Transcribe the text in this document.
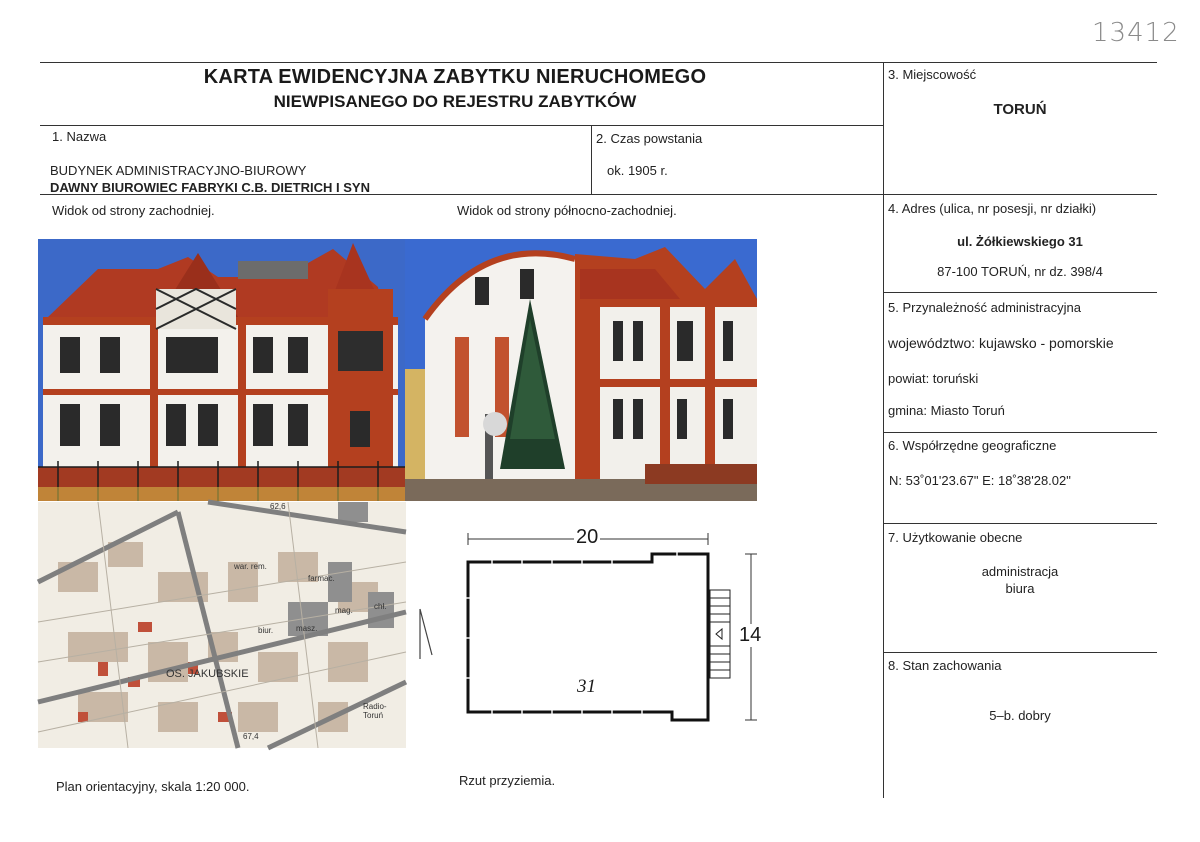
13412
KARTA EWIDENCYJNA ZABYTKU NIERUCHOMEGO
NIEWPISANEGO DO REJESTRU ZABYTKÓW
1. Nazwa
BUDYNEK ADMINISTRACYJNO-BIUROWY
DAWNY BIUROWIEC FABRYKI C.B. DIETRICH I SYN
2. Czas powstania
ok. 1905 r.
3. Miejscowość
TORUŃ
4. Adres (ulica, nr posesji, nr działki)
ul. Żółkiewskiego 31
87-100 TORUŃ, nr dz. 398/4
5. Przynależność administracyjna
województwo: kujawsko - pomorskie
powiat: toruński
gmina: Miasto Toruń
6. Współrzędne geograficzne
N: 53˚01'23.67" E: 18˚38'28.02"
7. Użytkowanie obecne
administracja
biura
8. Stan zachowania
5–b. dobry
Widok od strony zachodniej.	Widok od strony północno-zachodniej.
OS. JAKUBSKIE
mag.
biur.
chł.
masz.
farmac.
war. rem.
Radio-Toruń
62,6
67,4
20
14
31
Plan orientacyjny, skala 1:20 000.	Rzut przyziemia.
